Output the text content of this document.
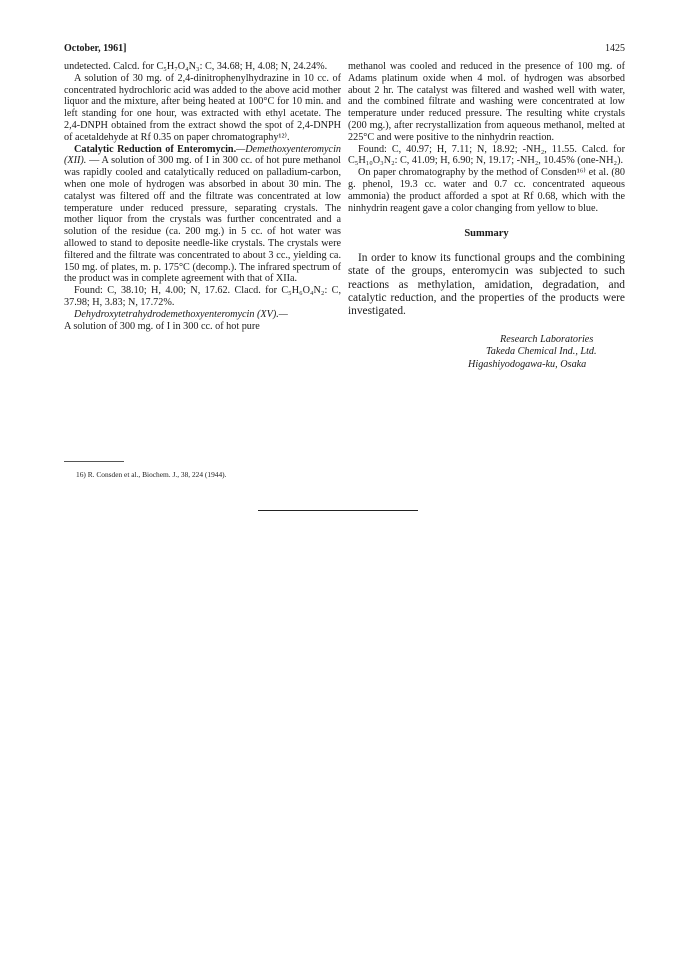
October, 1961]	1425

undetected. Calcd. for C₅H₇O₄N₃: C, 34.68; H, 4.08; N, 24.24%.

A solution of 30 mg. of 2,4-dinitrophenylhydrazine in 10 cc. of concentrated hydrochloric acid was added to the above acid mother liquor and the mixture, after being heated at 100°C for 10 min. and left standing for one hour, was extracted with ethyl acetate. The 2,4-DNPH obtained from the extract showd the spot of 2,4-DNPH of acetaldehyde at Rf 0.35 on paper chromatography¹²⁾.

Catalytic Reduction of Enteromycin.—Demethoxyenteromycin (XII). — A solution of 300 mg. of I in 300 cc. of hot pure methanol was rapidly cooled and catalytically reduced on palladium-carbon, when one mole of hydrogen was absorbed in about 30 min. The catalyst was filtered off and the filtrate was concentrated at low temperature under reduced pressure, separating crystals. The mother liquor from the crystals was further concentrated and a solution of the residue (ca. 200 mg.) in 5 cc. of hot water was allowed to stand to deposite needle-like crystals. The crystals were filtered and the filtrate was concentrated to about 3 cc., yielding ca. 150 mg. of plates, m. p. 175°C (decomp.). The infrared spectrum of the product was in complete agreement with that of XIIa.

Found: C, 38.10; H, 4.00; N, 17.62. Clacd. for C₅H₆O₄N₂: C, 37.98; H, 3.83; N, 17.72%.

Dehydroxytetrahydrodemethoxyenteromycin (XV).—
A solution of 300 mg. of I in 300 cc. of hot pure

16) R. Consden et al., Biochem. J., 38, 224 (1944).

methanol was cooled and reduced in the presence of 100 mg. of Adams platinum oxide when 4 mol. of hydrogen was absorbed about 2 hr. The catalyst was filtered and washed well with water, and the combined filtrate and washing were concentrated at low temperature under reduced pressure. The resulting white crystals (200 mg.), after recrystallization from aqueous methanol, melted at 225°C and were positive to the ninhydrin reaction.

Found: C, 40.97; H, 7.11; N, 18.92; -NH₂, 11.55. Calcd. for C₅H₁₀O₃N₂: C, 41.09; H, 6.90; N, 19.17; -NH₂, 10.45% (one-NH₂).

On paper chromatography by the method of Consden¹⁶⁾ et al. (80 g. phenol, 19.3 cc. water and 0.7 cc. concentrated aqueous ammonia) the product afforded a spot at Rf 0.68, which with the ninhydrin reagent gave a color changing from yellow to blue.

Summary

In order to know its functional groups and the combining state of the groups, enteromycin was subjected to such reactions as methylation, amidation, degradation, and catalytic reduction, and the properties of the products were investigated.

Research Laboratories
Takeda Chemical Ind., Ltd.
Higashiyodogawa-ku, Osaka
